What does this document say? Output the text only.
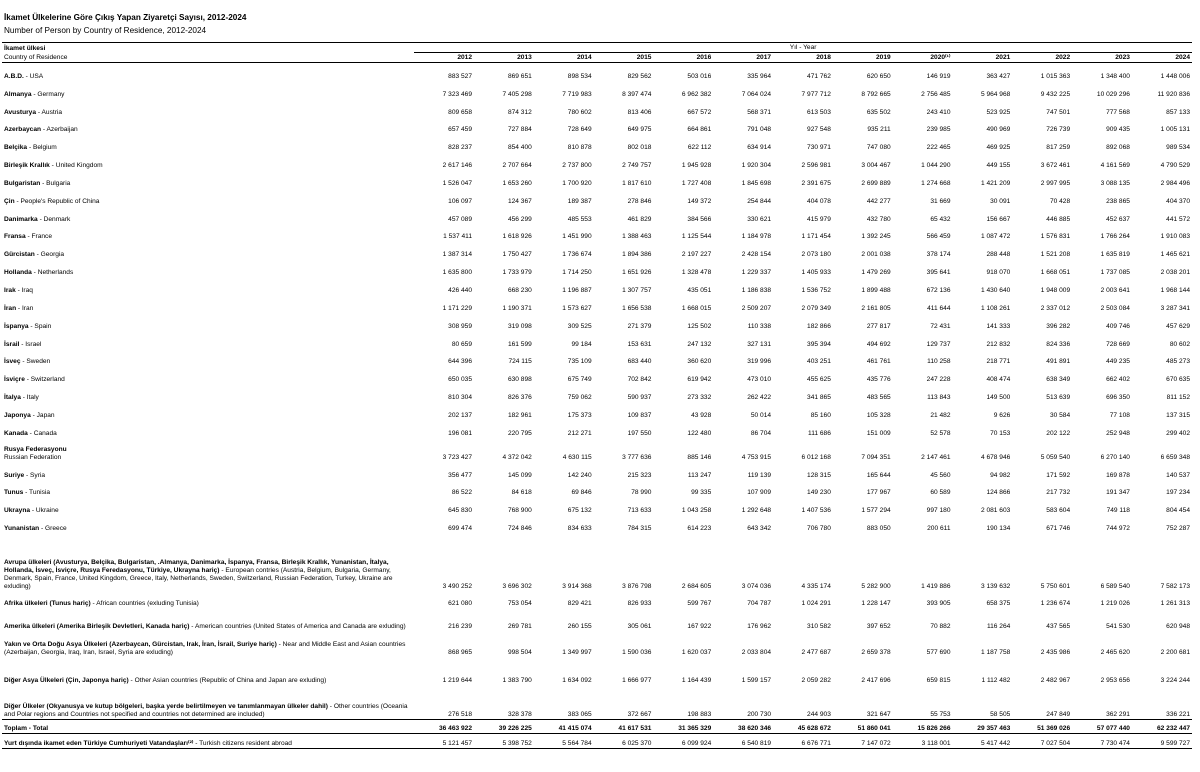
İkamet Ülkelerine Göre Çıkış Yapan Ziyaretçi Sayısı, 2012-2024
Number of Person by Country of Residence, 2012-2024
İkamet ülkesi	Yıl - Year												
Country of Residence	2012	2013	2014	2015	2016	2017	2018	2019	2020⁽¹⁾	2021	2022	2023	2024
A.B.D. - USA	883 527	869 651	898 534	829 562	503 016	335 964	471 762	620 650	146 919	363 427	1 015 363	1 348 400	1 448 006
Almanya - Germany	7 323 469	7 405 298	7 719 983	8 397 474	6 962 382	7 064 024	7 977 712	8 792 665	2 756 485	5 964 968	9 432 225	10 029 296	11 920 836
Avusturya - Austria	809 658	874 312	780 602	813 406	667 572	568 371	613 503	635 502	243 410	523 925	747 501	777 568	857 133
Azerbaycan - Azerbaijan	657 459	727 884	728 649	649 975	664 861	791 048	927 548	935 211	239 985	490 969	726 739	909 435	1 005 131
Belçika - Belgium	828 237	854 400	810 878	802 018	622 112	634 914	730 971	747 080	222 465	469 925	817 259	892 068	989 534
Birleşik Krallık - United Kingdom	2 617 146	2 707 664	2 737 800	2 749 757	1 945 928	1 920 304	2 596 981	3 004 467	1 044 290	449 155	3 672 461	4 161 569	4 790 529
Bulgaristan - Bulgaria	1 526 047	1 653 260	1 700 920	1 817 610	1 727 408	1 845 698	2 391 675	2 699 889	1 274 668	1 421 209	2 997 995	3 088 135	2 984 496
Çin - People's Republic of China	106 097	124 367	189 387	278 846	149 372	254 844	404 078	442 277	31 669	30 091	70 428	238 865	404 370
Danimarka - Denmark	457 089	456 299	485 553	461 829	384 566	330 621	415 979	432 780	65 432	156 667	446 885	452 637	441 572
Fransa - France	1 537 411	1 618 926	1 451 990	1 388 463	1 125 544	1 184 978	1 171 454	1 392 245	566 459	1 087 472	1 576 831	1 766 264	1 910 083
Gürcistan - Georgia	1 387 314	1 750 427	1 736 674	1 894 386	2 197 227	2 428 154	2 073 180	2 001 038	378 174	288 448	1 521 208	1 635 819	1 465 621
Hollanda - Netherlands	1 635 800	1 733 979	1 714 250	1 651 926	1 328 478	1 229 337	1 405 933	1 479 269	395 641	918 070	1 668 051	1 737 085	2 038 201
Irak - Iraq	426 440	668 230	1 196 887	1 307 757	435 051	1 186 838	1 536 752	1 899 488	672 136	1 430 640	1 948 009	2 003 641	1 968 144
İran - Iran	1 171 229	1 190 371	1 573 627	1 656 538	1 668 015	2 509 207	2 079 349	2 161 805	411 644	1 108 261	2 337 012	2 503 084	3 287 341
İspanya - Spain	308 959	319 098	309 525	271 379	125 502	110 338	182 866	277 817	72 431	141 333	396 282	409 746	457 629
İsrail - Israel	80 659	161 599	99 184	153 631	247 132	327 131	395 394	494 692	129 737	212 832	824 336	728 669	80 602
İsveç - Sweden	644 396	724 115	735 109	683 440	360 620	319 996	403 251	461 761	110 258	218 771	491 891	449 235	485 273
İsviçre - Switzerland	650 035	630 898	675 749	702 842	619 942	473 010	455 625	435 776	247 228	408 474	638 349	662 402	670 635
İtalya - Italy	810 304	826 376	759 062	590 937	273 332	262 422	341 865	483 565	113 843	149 500	513 639	696 350	811 152
Japonya - Japan	202 137	182 961	175 373	109 837	43 928	50 014	85 160	105 328	21 482	9 626	30 584	77 108	137 315
Kanada - Canada	196 081	220 795	212 271	197 550	122 480	86 704	111 686	151 009	52 578	70 153	202 122	252 948	299 402
Rusya Federasyonu
Russian Federation	3 723 427	4 372 042	4 630 115	3 777 636	885 146	4 753 915	6 012 168	7 094 351	2 147 461	4 678 946	5 059 540	6 270 140	6 659 348
Suriye - Syria	356 477	145 099	142 240	215 323	113 247	119 139	128 315	165 644	45 560	94 982	171 592	169 878	140 537
Tunus - Tunisia	86 522	84 618	69 846	78 990	99 335	107 909	149 230	177 967	60 589	124 866	217 732	191 347	197 234
Ukrayna - Ukraine	645 830	768 900	675 132	713 633	1 043 258	1 292 648	1 407 536	1 577 294	997 180	2 081 603	583 604	749 118	804 454
Yunanistan - Greece	699 474	724 846	834 633	784 315	614 223	643 342	706 780	883 050	200 611	190 134	671 746	744 972	752 287

Avrupa ülkeleri (Avusturya, Belçika, Bulgaristan, .Almanya, Danimarka, İspanya, Fransa, Birleşik Krallık, Yunanistan, İtalya, Hollanda, İsveç, İsviçre, Rusya Feredasyonu, Türkiye, Ukrayna hariç) - European contries (Austria, Belgium, Bulgaria, Germany, Denmark, Spain, France, United Kingdom, Greece, Italy, Netherlands, Sweden, Switzerland, Russian Federation, Turkey, Ukraine are exluding)	3 490 252	3 696 302	3 914 368	3 876 798	2 684 605	3 074 036	4 335 174	5 282 900	1 419 886	3 139 632	5 750 601	6 589 540	7 582 173
Afrika ülkeleri (Tunus hariç) - African countries (exluding Tunisia)	621 080	753 054	829 421	826 933	599 767	704 787	1 024 291	1 228 147	393 905	658 375	1 236 674	1 219 026	1 261 313
Amerika ülkeleri (Amerika Birleşik Devletleri, Kanada hariç) - American countries (United States of America and Canada are exluding)	216 239	269 781	260 155	305 061	167 922	176 962	310 582	397 652	70 882	116 264	437 565	541 530	620 948
Yakın ve Orta Doğu Asya Ülkeleri (Azerbaycan, Gürcistan, Irak, İran, İsrail, Suriye hariç) - Near and Middle East and Asian countries (Azerbaijan, Georgia, Iraq, Iran, Israel, Syria are exluding)	868 965	998 504	1 349 997	1 590 036	1 620 037	2 033 804	2 477 687	2 659 378	577 690	1 187 758	2 435 986	2 465 620	2 200 681
Diğer Asya Ülkeleri (Çin, Japonya hariç) - Other Asian countries (Republic of China and Japan are exluding)	1 219 644	1 383 790	1 634 092	1 666 977	1 164 439	1 599 157	2 059 282	2 417 696	659 815	1 112 482	2 482 967	2 953 656	3 224 244
Diğer Ülkeler (Okyanusya ve kutup bölgeleri, başka yerde belirtilmeyen ve tanımlanmayan ülkeler dahil) - Other countries (Oceania and Polar regions and Countries not specified and countries not determined are included)	276 518	328 378	383 065	372 667	198 883	200 730	244 903	321 647	55 753	58 505	247 849	362 291	336 221
Toplam - Total	36 463 922	39 226 225	41 415 074	41 617 531	31 365 329	38 620 346	45 628 672	51 860 041	15 826 266	29 357 463	51 369 026	57 077 440	62 232 447
Yurt dışında ikamet eden Türkiye Cumhuriyeti Vatandaşları⁽²⁾ - Turkish citizens resident abroad	5 121 457	5 398 752	5 564 784	6 025 370	6 099 924	6 540 819	6 676 771	7 147 072	3 118 001	5 417 442	7 027 504	7 730 474	9 599 727
